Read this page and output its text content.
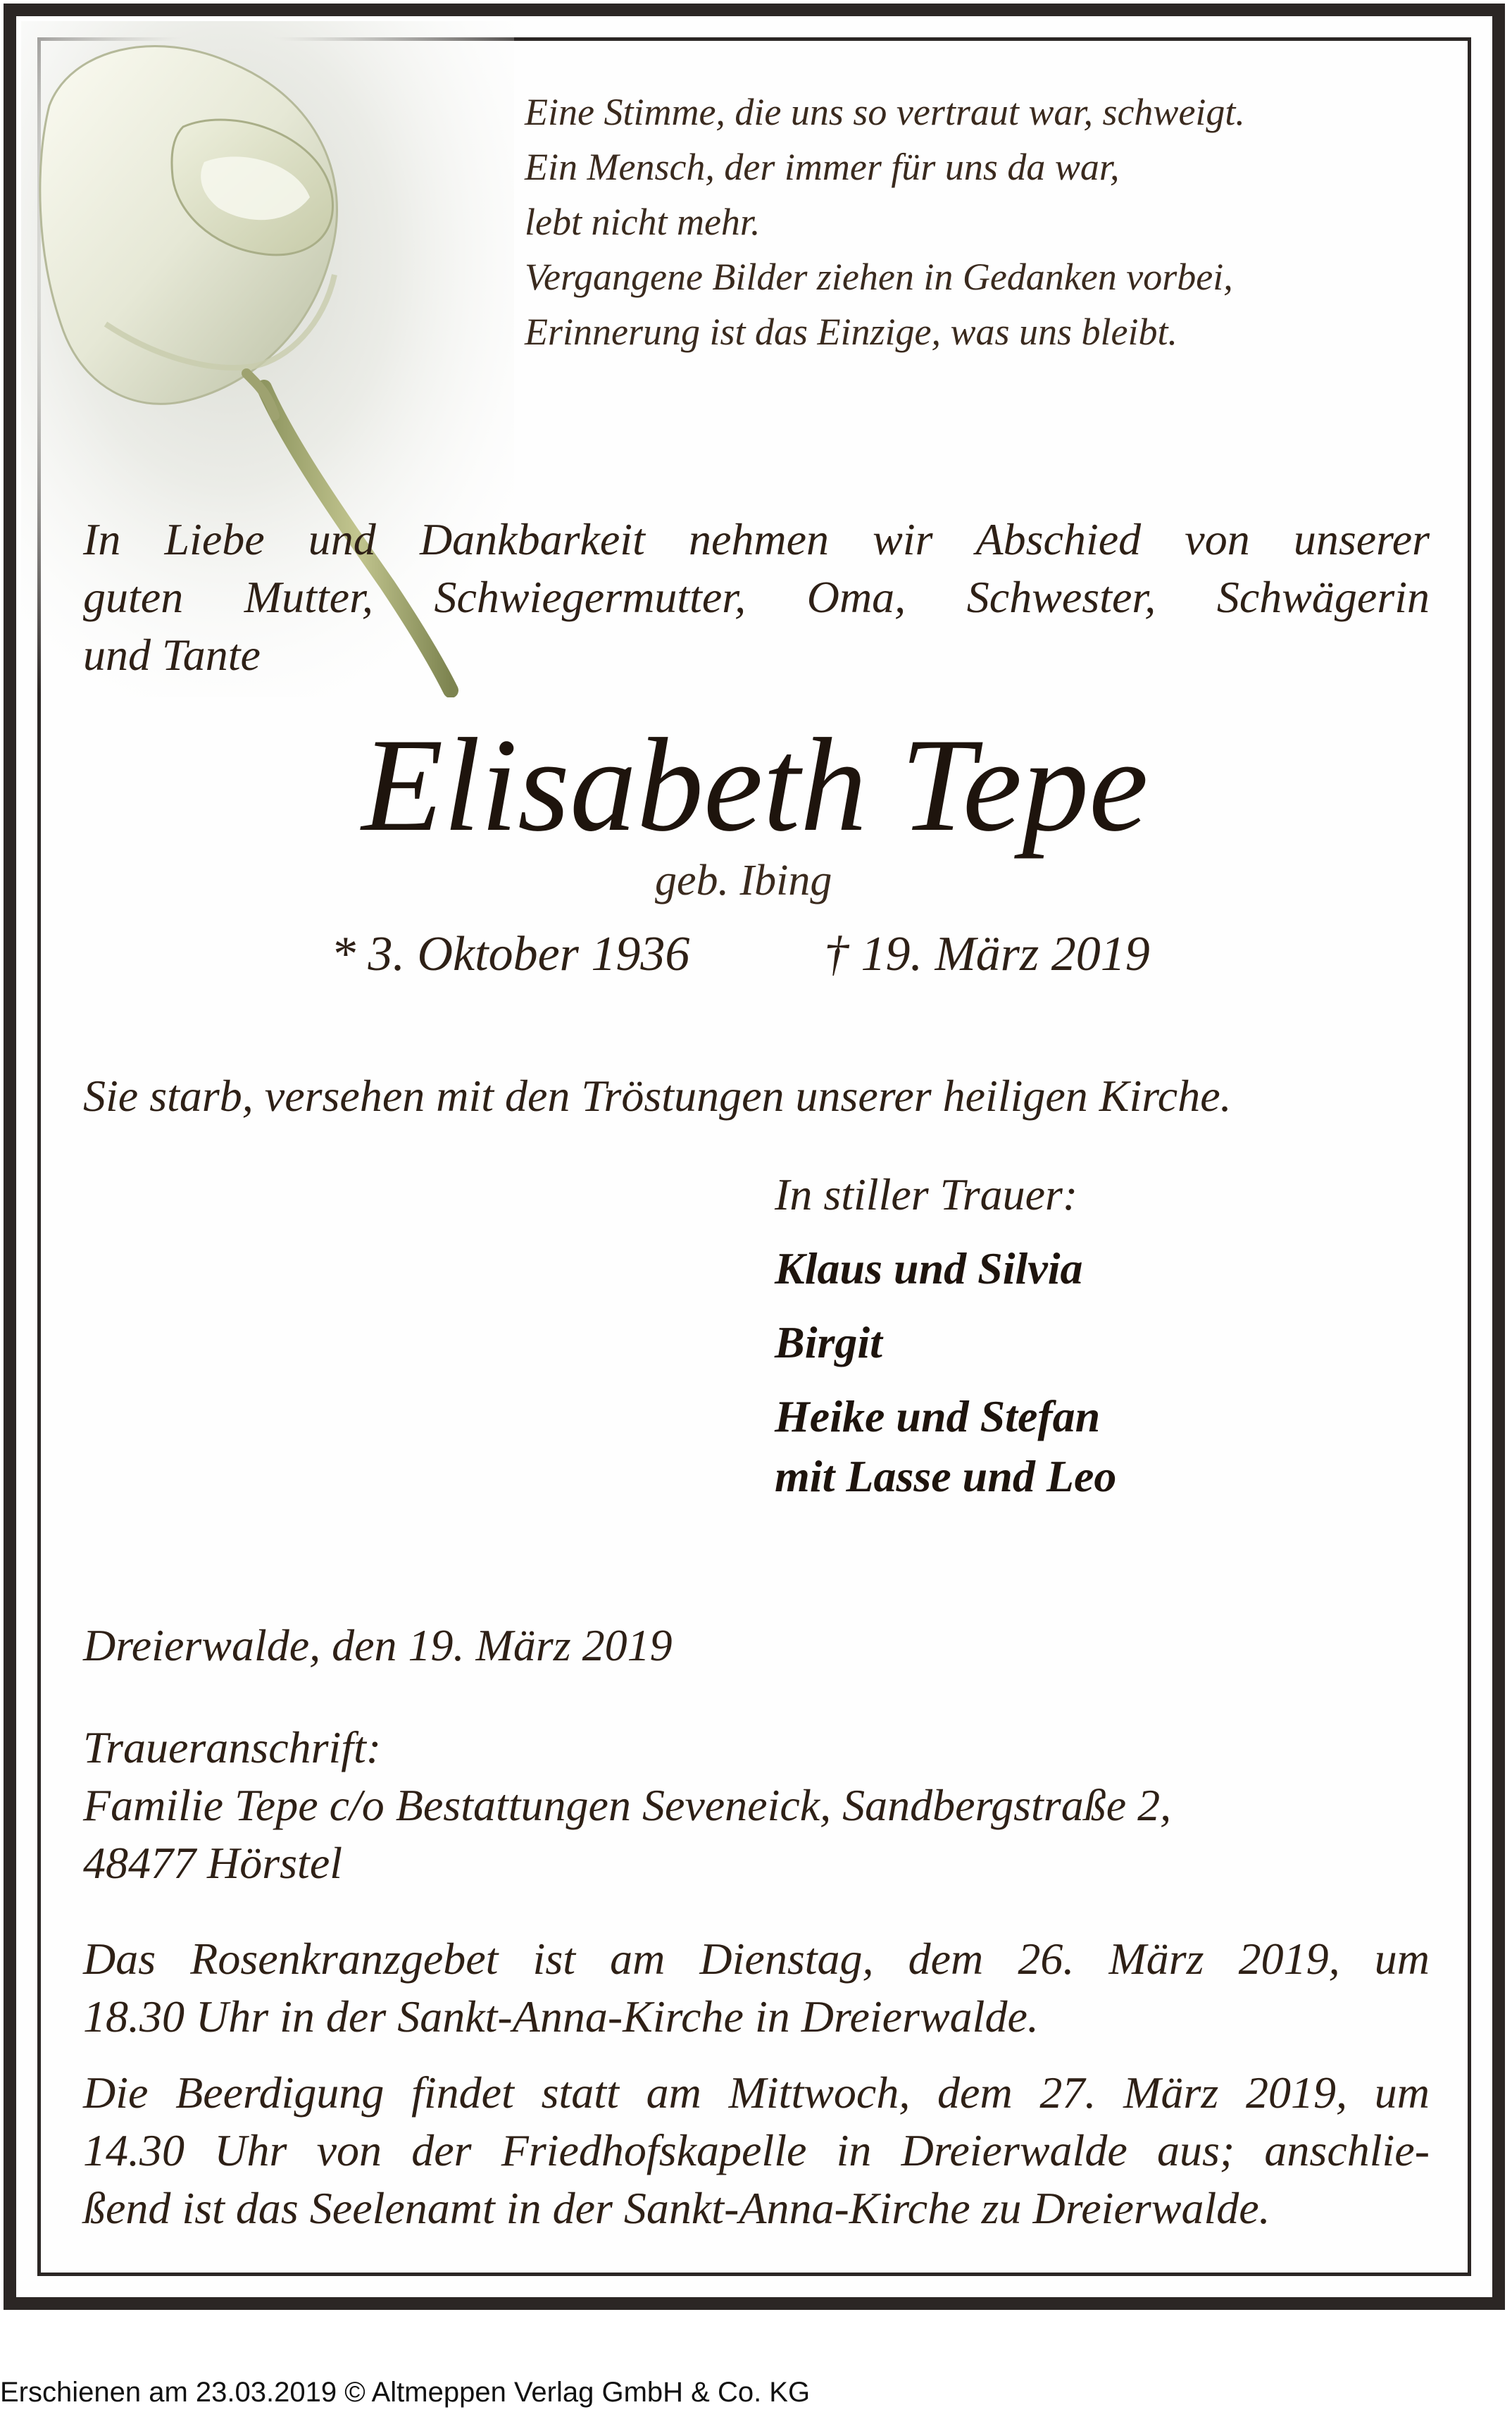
Eine Stimme, die uns so vertraut war, schweigt.
Ein Mensch, der immer für uns da war,
lebt nicht mehr.
Vergangene Bilder ziehen in Gedanken vorbei,
Erinnerung ist das Einzige, was uns bleibt.
In Liebe und Dankbarkeit nehmen wir Abschied von unserer
guten Mutter, Schwiegermutter, Oma, Schwester, Schwägerin
und Tante
Elisabeth Tepe
geb. Ibing
* 3. Oktober 1936	† 19. März 2019
Sie starb, versehen mit den Tröstungen unserer heiligen Kirche.
In stiller Trauer:
Klaus und Silvia
Birgit
Heike und Stefan
mit Lasse und Leo
Dreierwalde, den 19. März 2019
Traueranschrift:
Familie Tepe c/o Bestattungen Seveneick, Sandbergstraße 2,
48477 Hörstel
Das Rosenkranzgebet ist am Dienstag, dem 26. März 2019, um
18.30 Uhr in der Sankt-Anna-Kirche in Dreierwalde.
Die Beerdigung findet statt am Mittwoch, dem 27. März 2019, um
14.30 Uhr von der Friedhofskapelle in Dreierwalde aus; anschlie-
ßend ist das Seelenamt in der Sankt-Anna-Kirche zu Dreierwalde.
Erschienen am 23.03.2019 © Altmeppen Verlag GmbH & Co. KG
